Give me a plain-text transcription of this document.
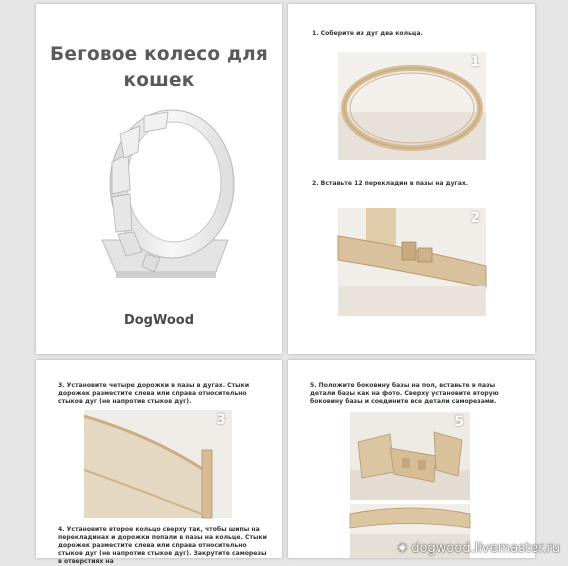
Беговое колесо для
кошек
DogWood
1. Соберите из дуг два кольца.
1
2. Вставьте 12 перекладин в пазы на дугах.
2
3. Установите четыре дорожки в пазы в дугах. Стыки дорожек разместите слева или справа относительно стыков дуг (не напротив стыков дуг).
3
4. Установите второе кольцо сверху так, чтобы шипы на перекладинах и дорожки попали в пазы на кольце. Стыки дорожек разместите слева или справа относительно стыков дуг (не напротив стыков дуг). Закрутите саморезы в отверстиях на
5. Положите боковину базы на пол, вставьте в пазы детали базы как на фото. Сверху установите вторую боковину базы и соедините все детали саморезами.
5
✺ dogwood.livemaster.ru
